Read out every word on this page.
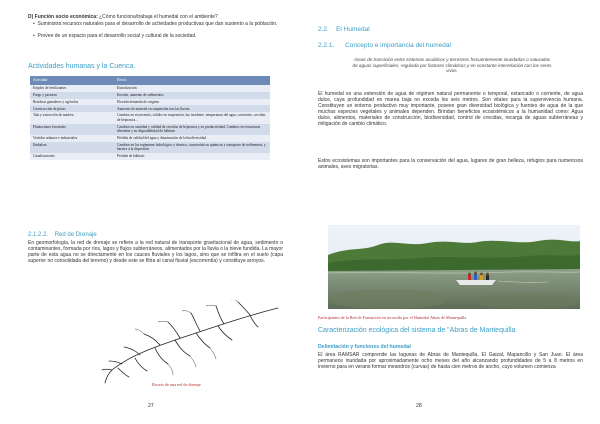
D) Función socio económica: ¿Cómo funciona/trabaja el humedal con el ambiente?

•  Suministra recursos naturales para el desarrollo de actividades productivas que dan sustento a la población.

•  Provee de un espacio para el desarrollo social y cultural de la sociedad.

Actividades humanas y la Cuenca.

Actividad	Efecto
Empleo de fertilizantes	Eutrofización
Pargo y pastoreo	Erosión, aumento de sedimentos
Residuos ganaderos y agrícolas	Elevada demanda de oxígeno
Construcción de pistas	Aumento de material en suspensión tras las lluvias
Tala y extracción de madera	Cambios en escorrentía, sólidos en suspensión, luz incidente, temperatura del agua, corrientes, crecidas de bejaranca...
Plantaciones forestales	Cambios en cantidad y calidad de crecidas de bejaranca y en productividad. Cambios en estructuras ribereñas y en disponibilidad de hábitats
Vertidos urbanos e industriales	Pérdida de calidad del agua y disminución de la biodiversidad
Embalses	Cambios en los regímenes hidrológico y térmico, características químicas y transporte de sedimentos, y barrera a la dispersión
Canalizaciones	Pérdida de hábitats

2.1.2.2. Red de Drenaje

En geomorfología, la red de drenaje se refiere a la red natural de transporte gravitacional de agua, sedimento o contaminantes, formada por ríos, lagos y flujos subterráneos, alimentados por la lluvia o la nieve fundida. La mayor parte de esta agua no se directamente en los cauces fluviales y los lagos, sino que se infiltra en el suelo (capa superior no consolidada del terreno) y desde este se filtra al canal fluvial (escorrentía) y constituye arroyos.

Boceto de una red de drenaje

27

2.2. El Humedal

2.2.1. Concepto e importancia del humedal

Áreas de transición entre sistemas acuáticos y terrestres frecuentemente inundadas o saturadas de aguas superficiales, regulada por factores climáticos y en constante interrelación con los seres vivos.

El humedal es una extensión de agua de régimen natural permanente o temporal, estancado o corriente, de agua dulce, cuya profundidad en marea baja no exceda los seis metros. Son vitales para la supervivencia humana. Constituyen un entorno productivo muy importante, poseen gran diversidad biológica y fuentes de agua de la que muchas especies vegetales y animales dependen. Brindan beneficios ecosistémicos a la humanidad como: Agua dulce, alimentos, materiales de construcción, biodiversidad, control de crecidas, recarga de aguas subterráneas y mitigación de cambio climático.

Estos ecosistemas son importantes para la conservación del agua, lugares de gran belleza, refugios para numerosos animales, aves migratorias.

Participantes de la Red de Formación en recorrido por el Humedal Abras de Mantequilla

Caracterización ecológica del sistema de "Abras de Mantequilla

Delimitación y funciones del humedal

El área RAMSAR comprende las lagunas de Abras de Mantequilla, El Gaizal, Mapancillo y San Juan. El área permanece inundada por aproximadamente ocho meses del año alcanzando profundidades de 5 a 8 metros en invierno para en verano formar meandros (curvas) de hasta cien metros de ancho, cuyo volumen comienza

28
